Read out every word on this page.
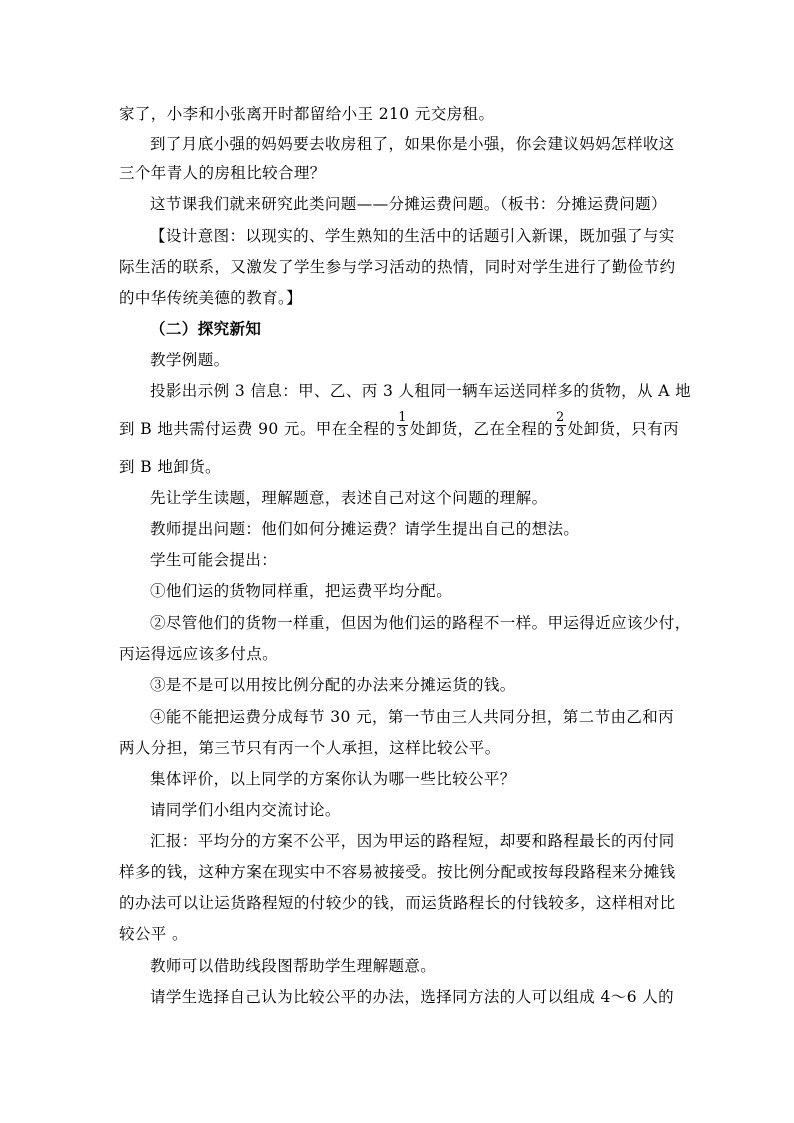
家了，小李和小张离开时都留给小王 210 元交房租。
到了月底小强的妈妈要去收房租了，如果你是小强，你会建议妈妈怎样收这
三个年青人的房租比较合理？
这节课我们就来研究此类问题——分摊运费问题。（板书：分摊运费问题）
【设计意图：以现实的、学生熟知的生活中的话题引入新课，既加强了与实
际生活的联系，又激发了学生参与学习活动的热情，同时对学生进行了勤俭节约
的中华传统美德的教育。】
（二）探究新知
教学例题。
投影出示例 3 信息：甲、乙、丙 3 人租同一辆车运送同样多的货物，从 A 地
到 B 地共需付运费 90 元。甲在全程的 $\frac{1}{3}$ 处卸货，乙在全程的 $\frac{2}{3}$ 处卸货，只有丙
到 B 地卸货。
先让学生读题，理解题意，表述自己对这个问题的理解。
教师提出问题：他们如何分摊运费？请学生提出自己的想法。
学生可能会提出：
①他们运的货物同样重，把运费平均分配。
②尽管他们的货物一样重，但因为他们运的路程不一样。甲运得近应该少付，
丙运得远应该多付点。
③是不是可以用按比例分配的办法来分摊运货的钱。
④能不能把运费分成每节 30 元，第一节由三人共同分担，第二节由乙和丙
两人分担，第三节只有丙一个人承担，这样比较公平。
集体评价，以上同学的方案你认为哪一些比较公平？
请同学们小组内交流讨论。
汇报：平均分的方案不公平，因为甲运的路程短，却要和路程最长的丙付同
样多的钱，这种方案在现实中不容易被接受。按比例分配或按每段路程来分摊钱
的办法可以让运货路程短的付较少的钱，而运货路程长的付钱较多，这样相对比
较公平 。
教师可以借助线段图帮助学生理解题意。
请学生选择自己认为比较公平的办法，选择同方法的人可以组成 4～6 人的
